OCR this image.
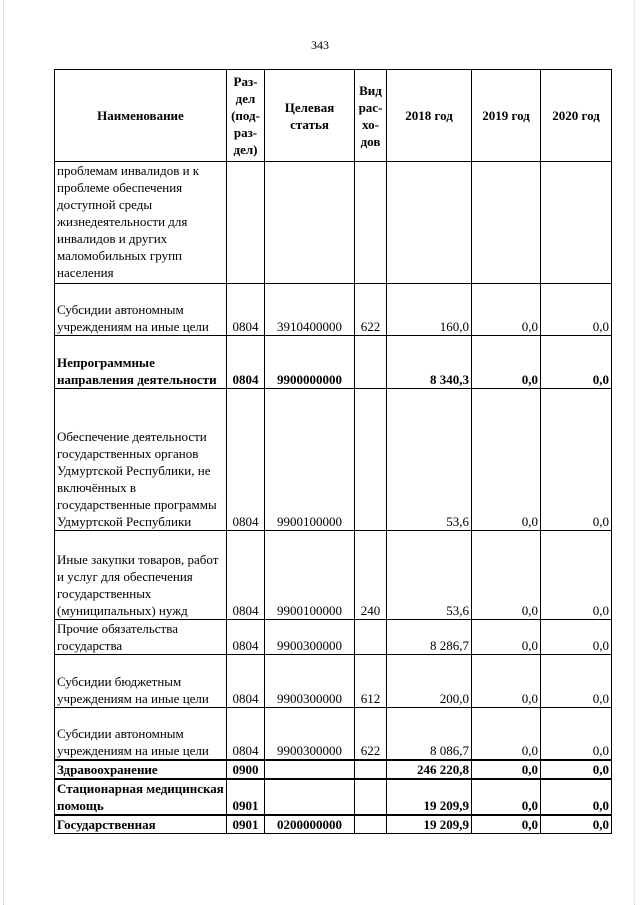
343
Наименование	Раз- дел (под- раз- дел)	Целевая статья	Вид рас- хо- дов	2018 год	2019 год	2020 год
проблемам инвалидов и к проблеме обеспечения доступной среды жизнедеятельности для инвалидов и других маломобильных групп населения						
Субсидии автономным учреждениям на иные цели	0804	3910400000	622	160,0	0,0	0,0
Непрограммные направления деятельности	0804	9900000000		8 340,3	0,0	0,0
Обеспечение деятельности государственных органов Удмуртской Республики, не включённых в государственные программы Удмуртской Республики	0804	9900100000		53,6	0,0	0,0
Иные закупки товаров, работ и услуг для обеспечения государственных (муниципальных) нужд	0804	9900100000	240	53,6	0,0	0,0
Прочие обязательства государства	0804	9900300000		8 286,7	0,0	0,0
Субсидии бюджетным учреждениям на иные цели	0804	9900300000	612	200,0	0,0	0,0
Субсидии автономным учреждениям на иные цели	0804	9900300000	622	8 086,7	0,0	0,0
Здравоохранение	0900			246 220,8	0,0	0,0
Стационарная медицинская помощь	0901			19 209,9	0,0	0,0
Государственная	0901	0200000000		19 209,9	0,0	0,0
